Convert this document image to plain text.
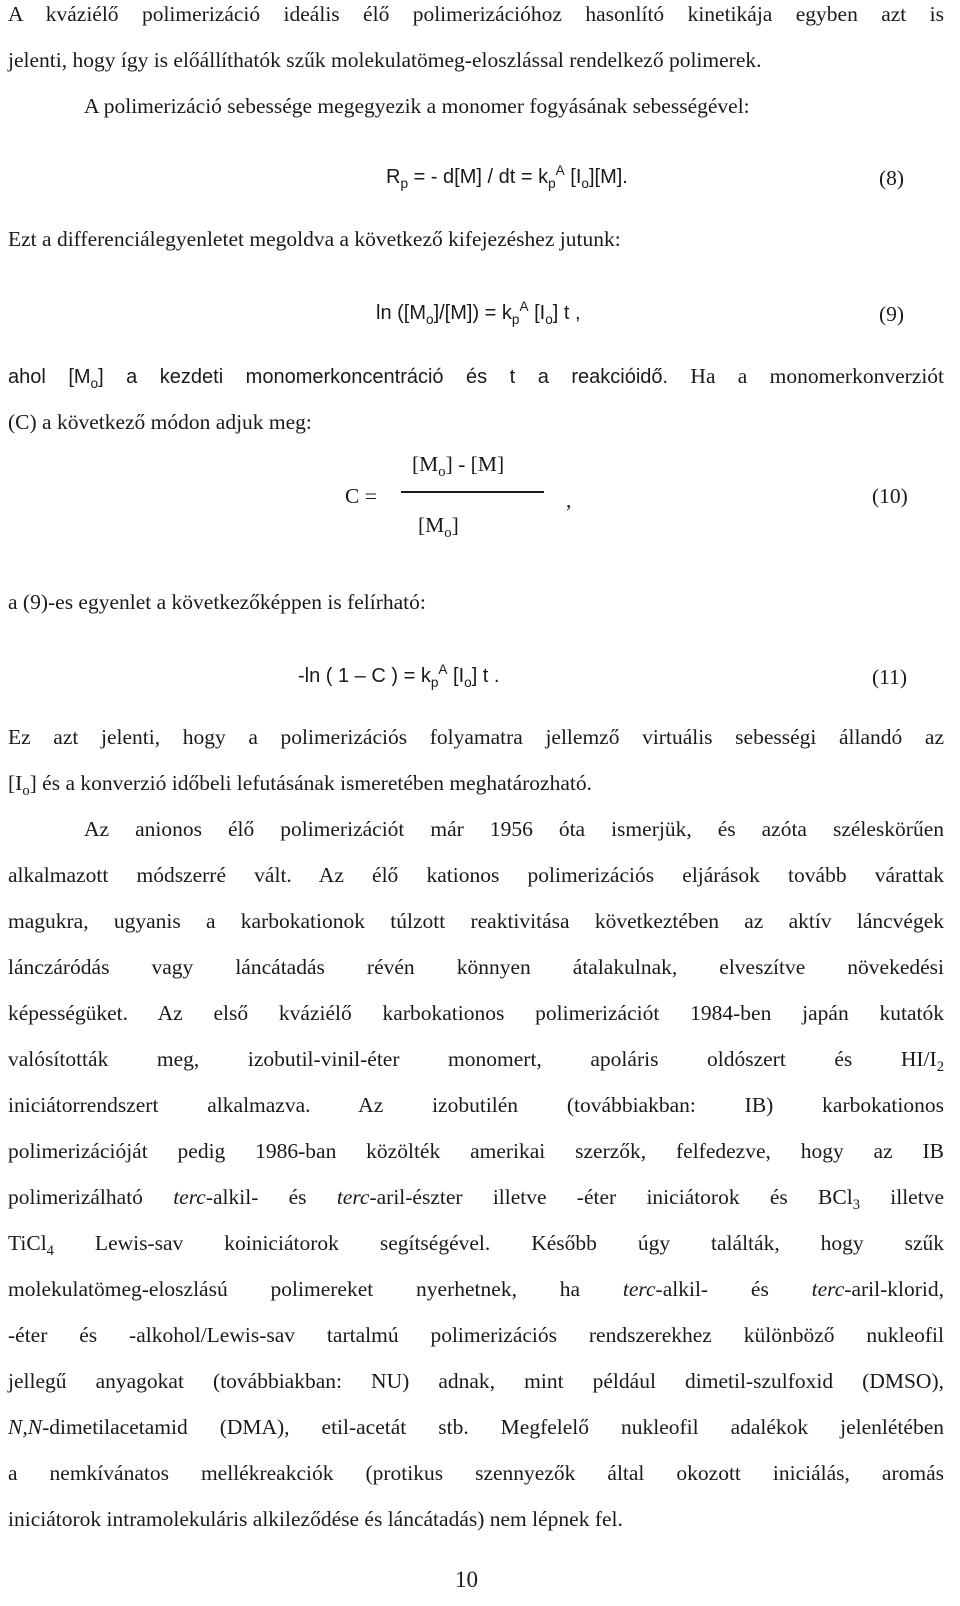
A kváziélő polimerizáció ideális élő polimerizációhoz hasonlító kinetikája egyben azt is
jelenti, hogy így is előállíthatók szűk molekulatömeg-eloszlással rendelkező polimerek.
A polimerizáció sebessége megegyezik a monomer fogyásának sebességével:
$R_p$ = - d[M] / dt = $k_p^A$ $[I_o][M]$.	(8)
Ezt a differenciálegyenletet megoldva a következő kifejezéshez jutunk:
$\ln ([M_o]/[M]) = k_p^A$ $[I_o]$ t ,	(9)
ahol $[M_o]$ a kezdeti monomerkoncentráció és t a reakcióidő. Ha a monomerkonverziót
(C) a következő módon adjuk meg:
$[M_o] - [M]$
C =	,
$[M_o]$
(10)
a (9)-es egyenlet a következőképpen is felírható:
-ln ( 1 – C ) = $k_p^A$ $[I_o]$ t .	(11)
Ez azt jelenti, hogy a polimerizációs folyamatra jellemző virtuális sebességi állandó az
$[I_o]$ és a konverzió időbeli lefutásának ismeretében meghatározható.
Az anionos élő polimerizációt már 1956 óta ismerjük, és azóta széleskörűen
alkalmazott módszerré vált. Az élő kationos polimerizációs eljárások tovább várattak
magukra, ugyanis a karbokationok túlzott reaktivitása következtében az aktív láncvégek
lánczáródás vagy láncátadás révén könnyen átalakulnak, elveszítve növekedési
képességüket. Az első kváziélő karbokationos polimerizációt 1984-ben japán kutatók
valósították meg, izobutil-vinil-éter monomert, apoláris oldószert és $HI/I_2$
iniciátorrendszert alkalmazva. Az izobutilén (továbbiakban: IB) karbokationos
polimerizációját pedig 1986-ban közölték amerikai szerzők, felfedezve, hogy az IB
polimerizálható terc-alkil- és terc-aril-észter illetve -éter iniciátorok és BCl$_3$ illetve
TiCl$_4$ Lewis-sav koiniciátorok segítségével. Később úgy találták, hogy szűk
molekulatömeg-eloszlású polimereket nyerhetnek, ha terc-alkil- és terc-aril-klorid,
-éter és -alkohol/Lewis-sav tartalmú polimerizációs rendszerekhez különböző nukleofil
jellegű anyagokat (továbbiakban: NU) adnak, mint például dimetil-szulfoxid (DMSO),
N,N-dimetilacetamid (DMA), etil-acetát stb. Megfelelő nukleofil adalékok jelenlétében
a nemkívánatos mellékreakciók (protikus szennyezők által okozott iniciálás, aromás
iniciátorok intramolekuláris alkileződése és láncátadás) nem lépnek fel.
10
